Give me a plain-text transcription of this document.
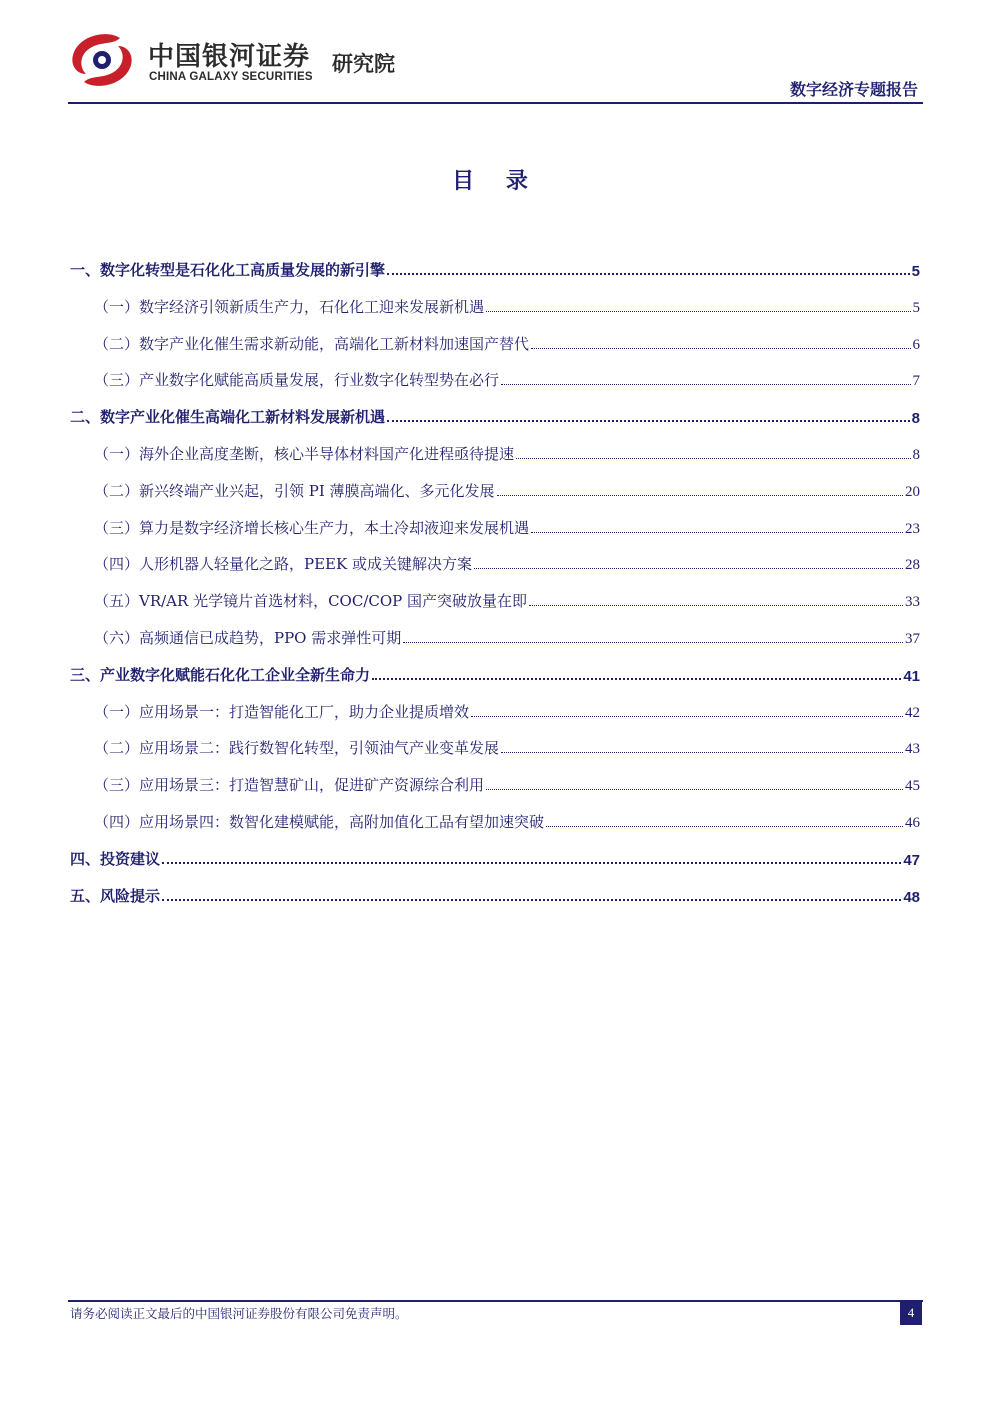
中国银河证券
CHINA GALAXY SECURITIES
研究院
数字经济专题报告
目 录
一、数字化转型是石化化工高质量发展的新引擎	5
（一）数字经济引领新质生产力，石化化工迎来发展新机遇	5
（二）数字产业化催生需求新动能，高端化工新材料加速国产替代	6
（三）产业数字化赋能高质量发展，行业数字化转型势在必行	7
二、数字产业化催生高端化工新材料发展新机遇	8
（一）海外企业高度垄断，核心半导体材料国产化进程亟待提速	8
（二）新兴终端产业兴起，引领 PI 薄膜高端化、多元化发展	20
（三）算力是数字经济增长核心生产力，本土冷却液迎来发展机遇	23
（四）人形机器人轻量化之路，PEEK 或成关键解决方案	28
（五）VR/AR 光学镜片首选材料，COC/COP 国产突破放量在即	33
（六）高频通信已成趋势，PPO 需求弹性可期	37
三、产业数字化赋能石化化工企业全新生命力	41
（一）应用场景一：打造智能化工厂，助力企业提质增效	42
（二）应用场景二：践行数智化转型，引领油气产业变革发展	43
（三）应用场景三：打造智慧矿山，促进矿产资源综合利用	45
（四）应用场景四：数智化建模赋能，高附加值化工品有望加速突破	46
四、投资建议	47
五、风险提示	48
请务必阅读正文最后的中国银河证券股份有限公司免责声明。	4
